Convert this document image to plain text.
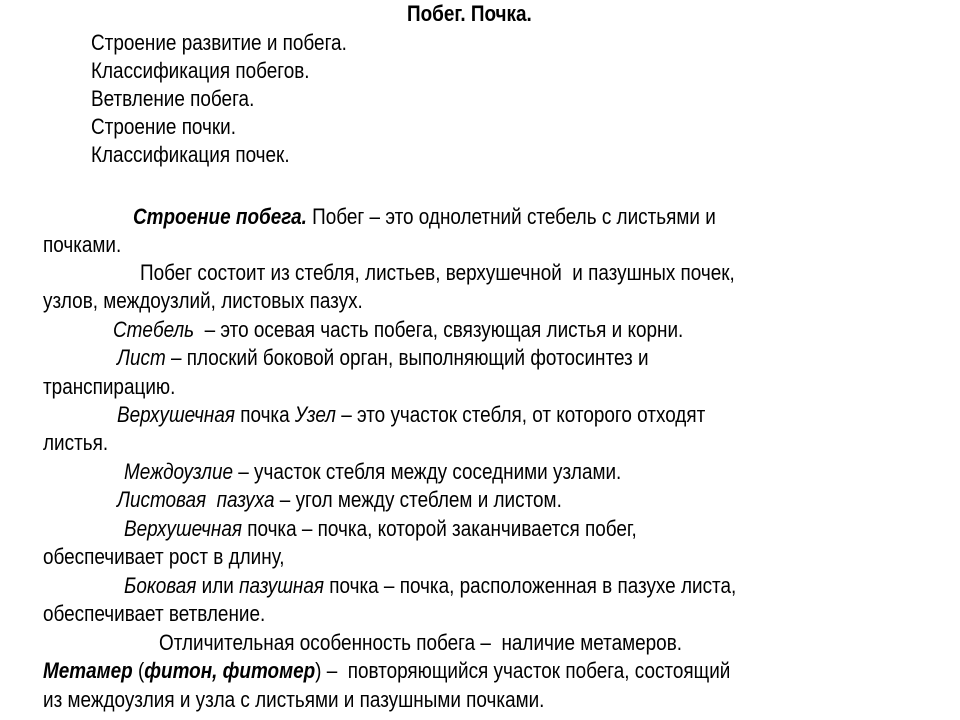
Побег. Почка.
Строение развитие и побега.
Классификация побегов.
Ветвление побега.
Строение почки.
Классификация почек.
Строение побега. Побег – это однолетний стебель с листьями и
почками.
Побег состоит из стебля, листьев, верхушечной  и пазушных почек,
узлов, междоузлий, листовых пазух.
Стебель  – это осевая часть побега, связующая листья и корни.
Лист – плоский боковой орган, выполняющий фотосинтез и
транспирацию.
Верхушечная почка Узел – это участок стебля, от которого отходят
листья.
Междоузлие – участок стебля между соседними узлами.
Листовая  пазуха – угол между стеблем и листом.
Верхушечная почка – почка, которой заканчивается побег,
обеспечивает рост в длину,
Боковая или пазушная почка – почка, расположенная в пазухе листа,
обеспечивает ветвление.
Отличительная особенность побега –  наличие метамеров.
Метамер (фитон, фитомер) –  повторяющийся участок побега, состоящий
из междоузлия и узла с листьями и пазушными почками.
